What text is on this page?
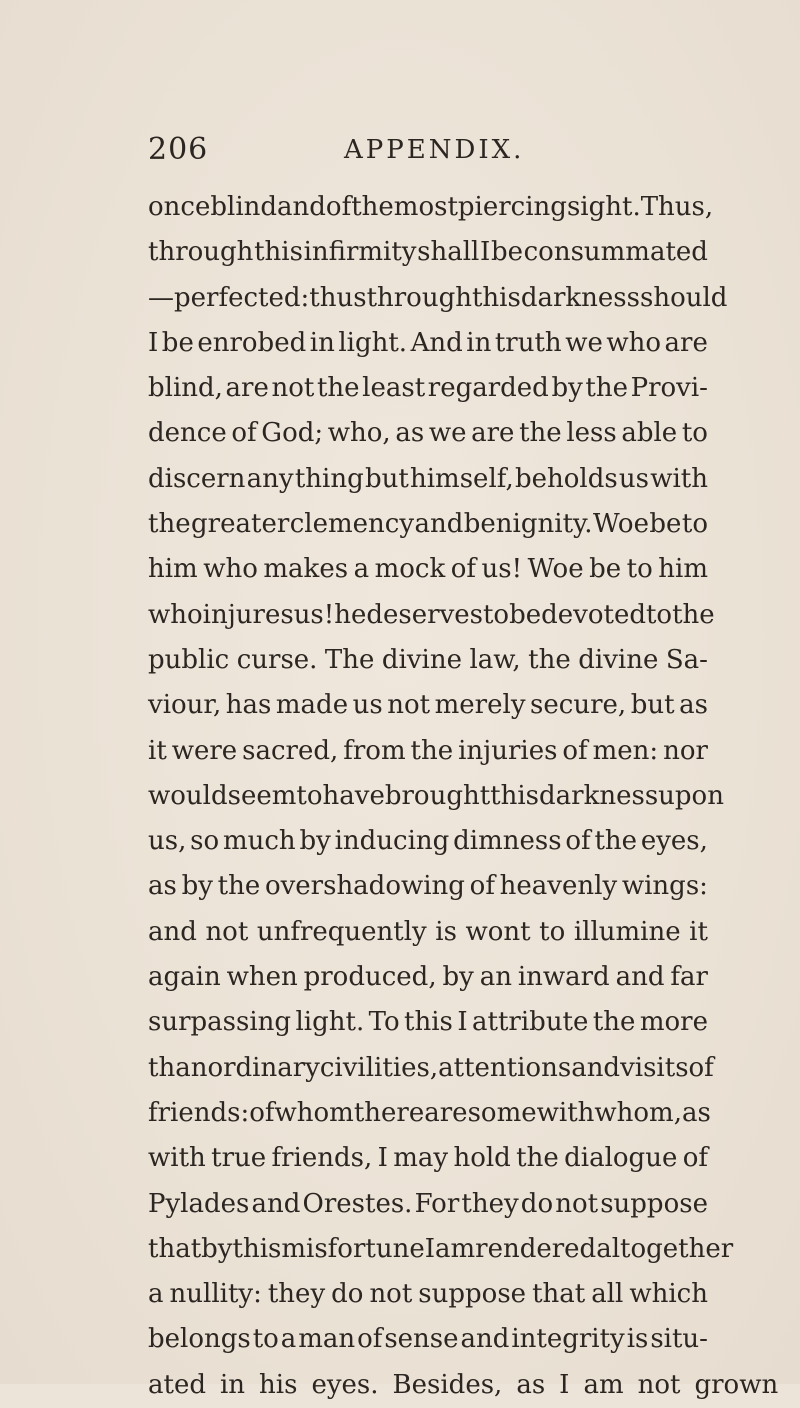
206	APPENDIX.
once blind and of the most piercing sight. Thus,
through this infirmity shall I be consummated
—perfected: thus through this darkness should
I be enrobed in light. And in truth we who are
blind, are not the least regarded by the Provi-
dence of God; who, as we are the less able to
discern any thing but himself, beholds us with
the greater clemency and benignity. Woe be to
him who makes a mock of us! Woe be to him
who injures us! he deserves to be devoted to the
public curse. The divine law, the divine Sa-
viour, has made us not merely secure, but as
it were sacred, from the injuries of men: nor
would seem to have brought this darkness upon
us, so much by inducing dimness of the eyes,
as by the overshadowing of heavenly wings:
and not unfrequently is wont to illumine it
again when produced, by an inward and far
surpassing light. To this I attribute the more
than ordinary civilities, attentions and visits of
friends: of whom there are some with whom, as
with true friends, I may hold the dialogue of
Pylades and Orestes. For they do not suppose
that by this misfortune I am rendered altogether
a nullity: they do not suppose that all which
belongs to a man of sense and integrity is situ-
ated in his eyes. Besides, as I am not grown
